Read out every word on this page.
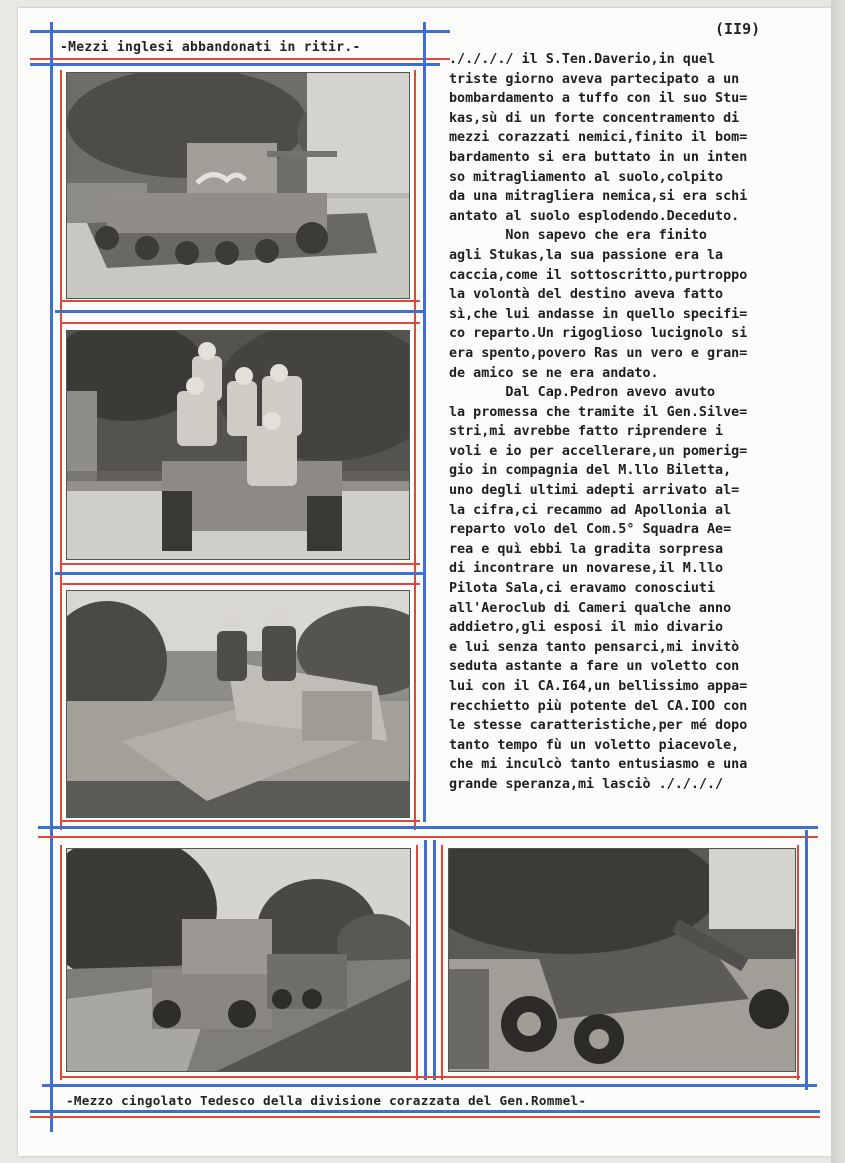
(II9)
-Mezzi inglesi abbandonati in ritir.-
-Mezzo cingolato Tedesco della divisione corazzata del Gen.Rommel-
././././ il S.Ten.Daverio,in quel
triste giorno aveva partecipato a un
bombardamento a tuffo con il suo Stu=
kas,sù di un forte concentramento di
mezzi corazzati nemici,finito il bom=
bardamento si era buttato in un inten
so mitragliamento al suolo,colpito
da una mitragliera nemica,si era schi
antato al suolo esplodendo.Deceduto.
Non sapevo che era finito
agli Stukas,la sua passione era la
caccia,come il sottoscritto,purtroppo
la volontà del destino aveva fatto
sì,che lui andasse in quello specifi=
co reparto.Un rigoglioso lucignolo si
era spento,povero Ras un vero e gran=
de amico se ne era andato.
Dal Cap.Pedron avevo avuto
la promessa che tramite il Gen.Silve=
stri,mi avrebbe fatto riprendere i
voli e io per accellerare,un pomerig=
gio in compagnia del M.llo Biletta,
uno degli ultimi adepti arrivato al=
la cifra,ci recammo ad Apollonia al
reparto volo del Com.5° Squadra Ae=
rea e quì ebbi la gradita sorpresa
di incontrare un novarese,il M.llo
Pilota Sala,ci eravamo conosciuti
all'Aeroclub di Cameri qualche anno
addietro,gli esposi il mio divario
e lui senza tanto pensarci,mi invitò
seduta astante a fare un voletto con
lui con il CA.I64,un bellissimo appa=
recchietto più potente del CA.IOO con
le stesse caratteristiche,per mé dopo
tanto tempo fù un voletto piacevole,
che mi inculcò tanto entusiasmo e una
grande speranza,mi lasciò ././././
